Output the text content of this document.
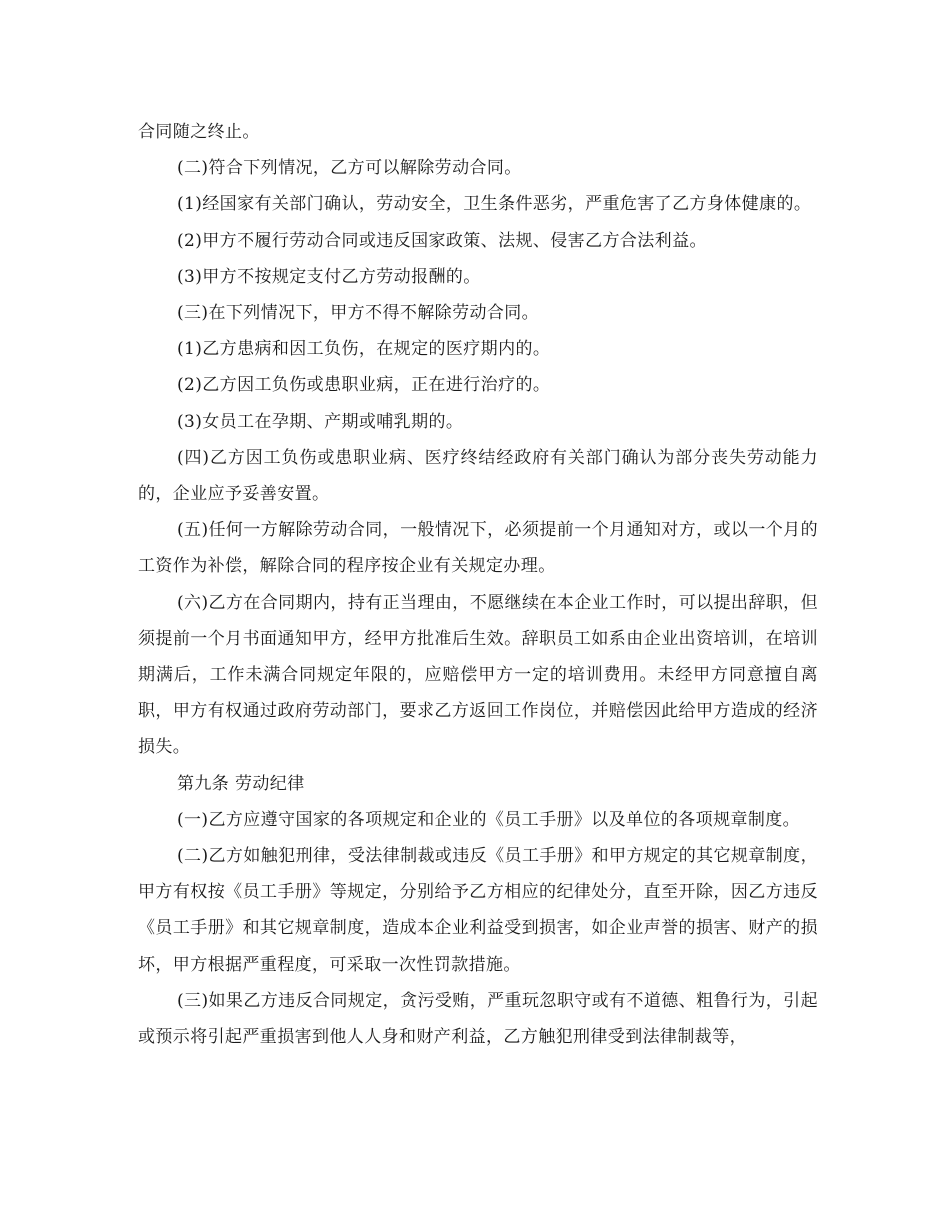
合同随之终止。

(二)符合下列情况，乙方可以解除劳动合同。

(1)经国家有关部门确认，劳动安全，卫生条件恶劣，严重危害了乙方身体健康的。

(2)甲方不履行劳动合同或违反国家政策、法规、侵害乙方合法利益。

(3)甲方不按规定支付乙方劳动报酬的。

(三)在下列情况下，甲方不得不解除劳动合同。

(1)乙方患病和因工负伤，在规定的医疗期内的。

(2)乙方因工负伤或患职业病，正在进行治疗的。

(3)女员工在孕期、产期或哺乳期的。

(四)乙方因工负伤或患职业病、医疗终结经政府有关部门确认为部分丧失劳动能力的，企业应予妥善安置。

(五)任何一方解除劳动合同，一般情况下，必须提前一个月通知对方，或以一个月的工资作为补偿，解除合同的程序按企业有关规定办理。

(六)乙方在合同期内，持有正当理由，不愿继续在本企业工作时，可以提出辞职，但须提前一个月书面通知甲方，经甲方批准后生效。辞职员工如系由企业出资培训，在培训期满后，工作未满合同规定年限的，应赔偿甲方一定的培训费用。未经甲方同意擅自离职，甲方有权通过政府劳动部门，要求乙方返回工作岗位，并赔偿因此给甲方造成的经济损失。

第九条 劳动纪律

(一)乙方应遵守国家的各项规定和企业的《员工手册》以及单位的各项规章制度。

(二)乙方如触犯刑律，受法律制裁或违反《员工手册》和甲方规定的其它规章制度，甲方有权按《员工手册》等规定，分别给予乙方相应的纪律处分，直至开除，因乙方违反《员工手册》和其它规章制度，造成本企业利益受到损害，如企业声誉的损害、财产的损坏，甲方根据严重程度，可采取一次性罚款措施。

(三)如果乙方违反合同规定，贪污受贿，严重玩忽职守或有不道德、粗鲁行为，引起或预示将引起严重损害到他人人身和财产利益，乙方触犯刑律受到法律制裁等，
